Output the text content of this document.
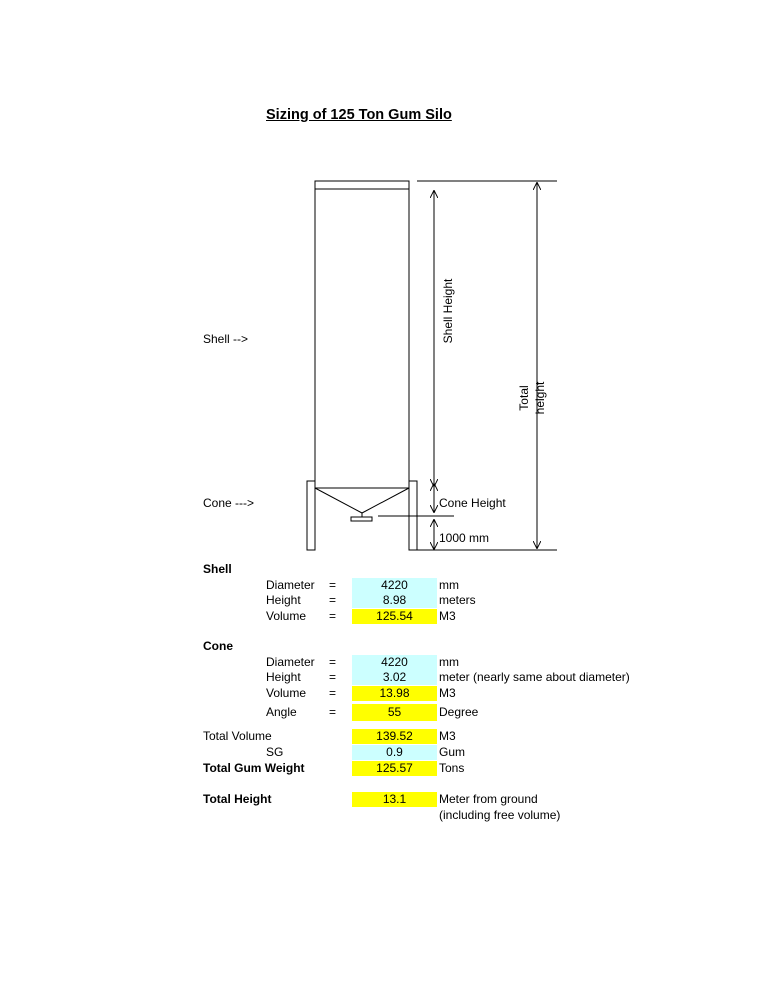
Sizing of 125 Ton Gum Silo
Shell Height
Total height
Shell -->
Cone --->	Cone Height
1000 mm
Shell
Diameter =	4220	mm
Height =	8.98	meters
Volume =	125.54	M3
Cone
Diameter =	4220	mm
Height =	3.02	meter (nearly same about diameter)
Volume =	13.98	M3
Angle	=	55	Degree
Total Volume	139.52	M3
SG	0.9	Gum
Total Gum Weight	125.57	Tons
Total Height	13.1	Meter from ground
(including free volume)
